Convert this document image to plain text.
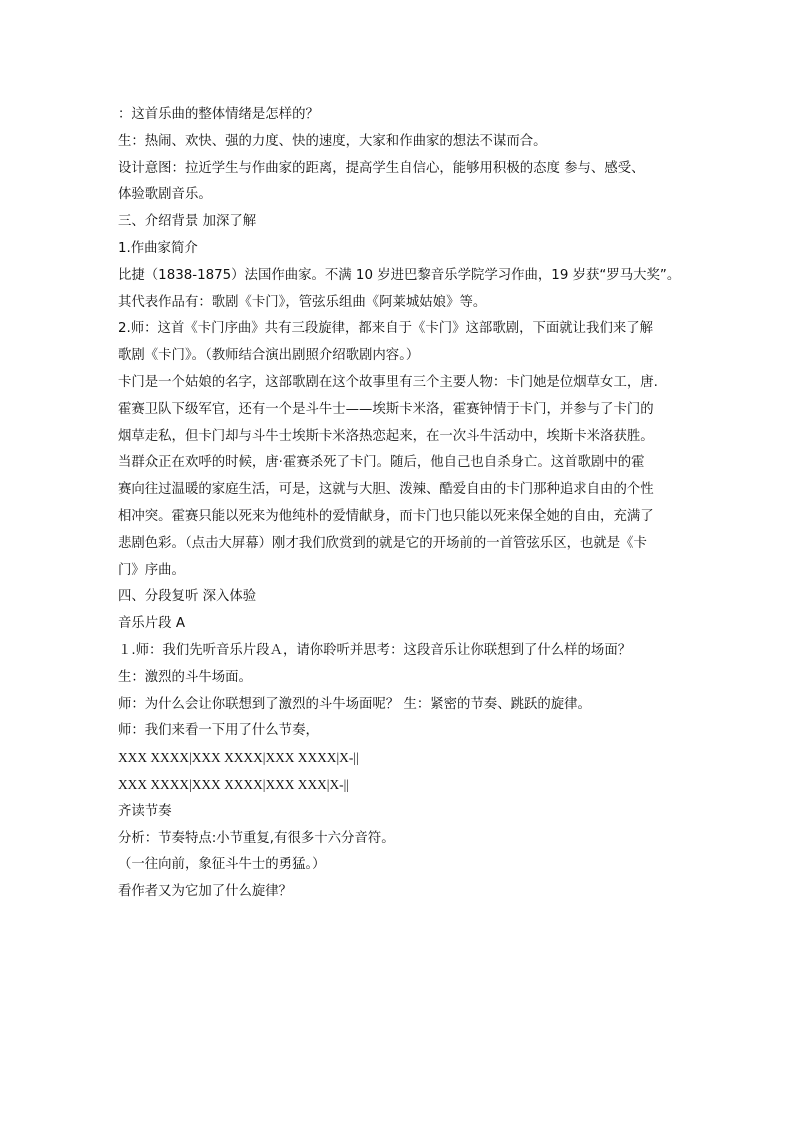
：这首乐曲的整体情绪是怎样的？
生：热闹、欢快、强的力度、快的速度，大家和作曲家的想法不谋而合。
设计意图：拉近学生与作曲家的距离，提高学生自信心，能够用积极的态度 参与、感受、
体验歌剧音乐。
三、介绍背景 加深了解
1.作曲家简介
比捷（1838-1875）法国作曲家。不满 10 岁进巴黎音乐学院学习作曲，19 岁获“罗马大奖”。
其代表作品有：歌剧《卡门》，管弦乐组曲《阿莱城姑娘》等。
2.师：这首《卡门序曲》共有三段旋律，都来自于《卡门》这部歌剧，下面就让我们来了解
歌剧《卡门》。（教师结合演出剧照介绍歌剧内容。）
卡门是一个姑娘的名字，这部歌剧在这个故事里有三个主要人物：卡门她是位烟草女工，唐.
霍赛卫队下级军官，还有一个是斗牛士——埃斯卡米洛，霍赛钟情于卡门，并参与了卡门的
烟草走私，但卡门却与斗牛士埃斯卡米洛热恋起来，在一次斗牛活动中，埃斯卡米洛获胜。
当群众正在欢呼的时候，唐·霍赛杀死了卡门。随后，他自己也自杀身亡。这首歌剧中的霍
赛向往过温暖的家庭生活，可是，这就与大胆、泼辣、酷爱自由的卡门那种追求自由的个性
相冲突。霍赛只能以死来为他纯朴的爱情献身，而卡门也只能以死来保全她的自由，充满了
悲剧色彩。（点击大屏幕）刚才我们欣赏到的就是它的开场前的一首管弦乐区，也就是《卡
门》序曲。
四、分段复听 深入体验
音乐片段 A
１.师：我们先听音乐片段Ａ，请你聆听并思考：这段音乐让你联想到了什么样的场面？
生：激烈的斗牛场面。
师：为什么会让你联想到了激烈的斗牛场面呢？ 生：紧密的节奏、跳跃的旋律。
师：我们来看一下用了什么节奏，
XXX XXXX|XXX XXXX|XXX XXXX|X-||
XXX XXXX|XXX XXXX|XXX XXX|X-||
齐读节奏
分析：节奏特点:小节重复,有很多十六分音符。
（一往向前，象征斗牛士的勇猛。）
看作者又为它加了什么旋律？
